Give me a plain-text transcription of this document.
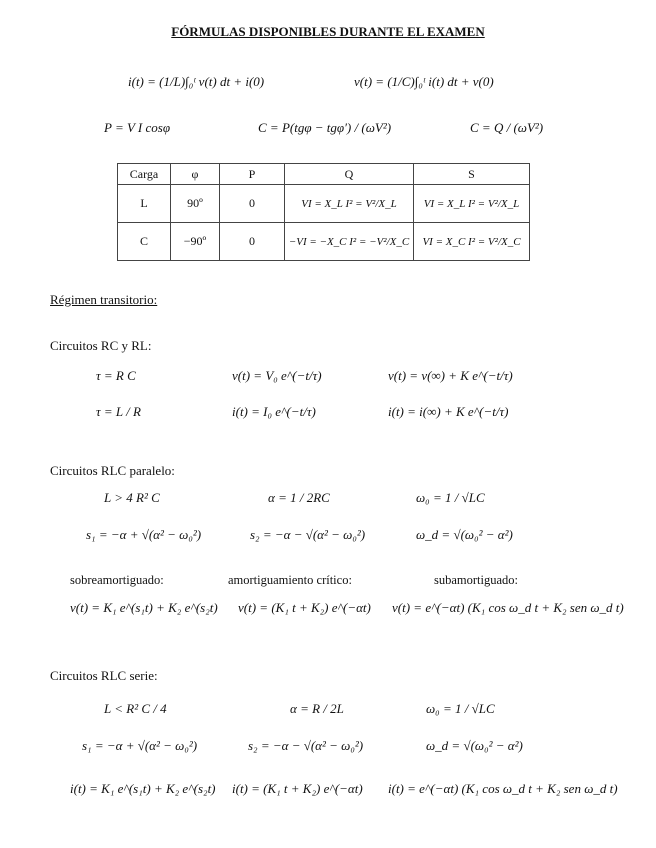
FÓRMULAS DISPONIBLES DURANTE EL EXAMEN
i(t) = (1/L)∫₀ᵗ v(t) dt + i(0)	v(t) = (1/C)∫₀ᵗ i(t) dt + v(0)
P = V I cosφ	C = P(tgφ − tgφ′) / (ωV²)	C = Q / (ωV²)
Carga	φ	P	Q	S
L	90º	0	VI = X_L I² = V²/X_L	VI = X_L I² = V²/X_L
C	−90º	0	−VI = −X_C I² = −V²/X_C	VI = X_C I² = V²/X_C
Régimen transitorio:
Circuitos RC y RL:
τ = R C	v(t) = V₀ e^(−t/τ)	v(t) = v(∞) + K e^(−t/τ)
τ = L / R	i(t) = I₀ e^(−t/τ)	i(t) = i(∞) + K e^(−t/τ)
Circuitos RLC paralelo:
L > 4 R² C	α = 1 / 2RC	ω₀ = 1 / √LC
s₁ = −α + √(α² − ω₀²)	s₂ = −α − √(α² − ω₀²)	ω_d = √(ω₀² − α²)
sobreamortiguado:	amortiguamiento crítico:	subamortiguado:
v(t) = K₁ e^(s₁t) + K₂ e^(s₂t) v(t) = (K₁ t + K₂) e^(−αt) v(t) = e^(−αt) (K₁ cos ω_d t + K₂ sen ω_d t)
Circuitos RLC serie:
L < R² C / 4	α = R / 2L	ω₀ = 1 / √LC
s₁ = −α + √(α² − ω₀²)	s₂ = −α − √(α² − ω₀²)	ω_d = √(ω₀² − α²)
i(t) = K₁ e^(s₁t) + K₂ e^(s₂t) i(t) = (K₁ t + K₂) e^(−αt) i(t) = e^(−αt) (K₁ cos ω_d t + K₂ sen ω_d t)
